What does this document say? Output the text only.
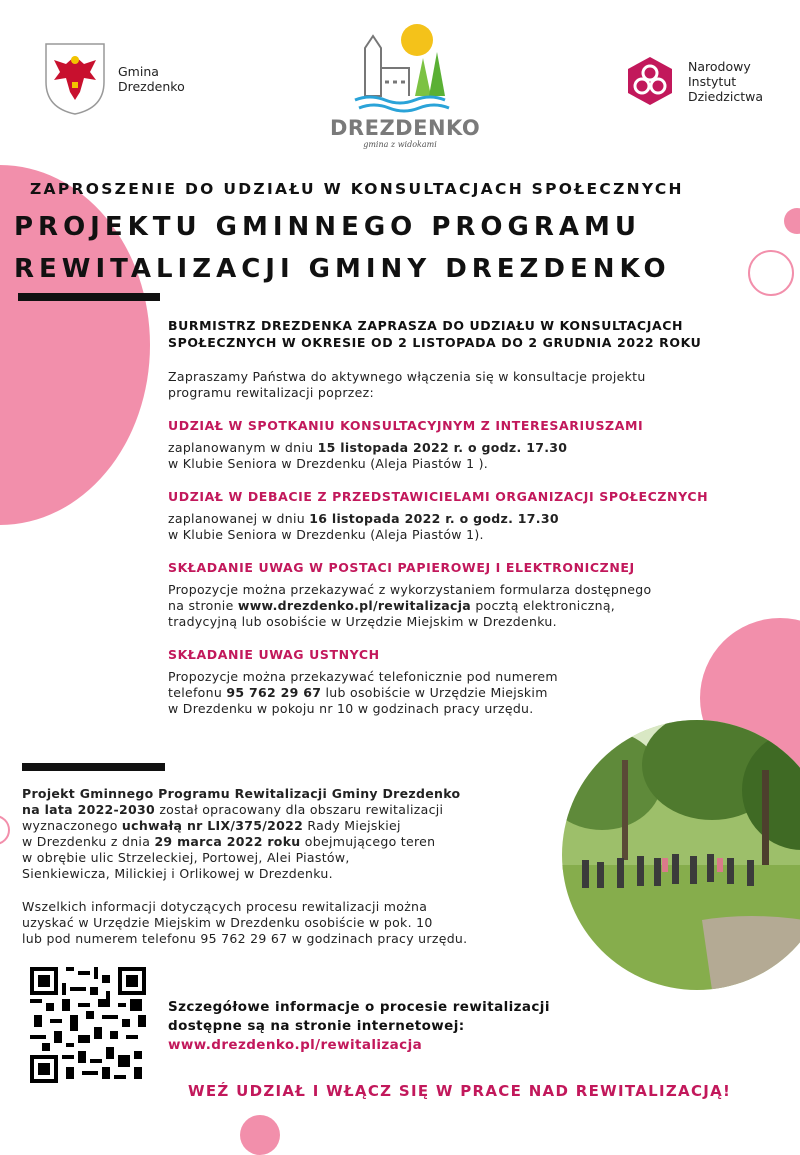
Gmina
Drezdenko
DREZDENKO
gmina z widokami
Narodowy
Instytut
Dziedzictwa
ZAPROSZENIE DO UDZIAŁU W KONSULTACJACH SPOŁECZNYCH
PROJEKTU GMINNEGO PROGRAMU
REWITALIZACJI GMINY DREZDENKO
BURMISTRZ DREZDENKA ZAPRASZA DO UDZIAŁU W KONSULTACJACH
SPOŁECZNYCH W OKRESIE OD 2 LISTOPADA DO 2 GRUDNIA 2022 ROKU
Zapraszamy Państwa do aktywnego włączenia się w konsultacje projektu
programu rewitalizacji poprzez:
UDZIAŁ W SPOTKANIU KONSULTACYJNYM Z INTERESARIUSZAMI
zaplanowanym w dniu 15 listopada 2022 r. o godz. 17.30
w Klubie Seniora w Drezdenku (Aleja Piastów 1 ).
UDZIAŁ W DEBACIE Z PRZEDSTAWICIELAMI ORGANIZACJI SPOŁECZNYCH
zaplanowanej w dniu 16 listopada 2022 r. o godz. 17.30
w Klubie Seniora w Drezdenku (Aleja Piastów 1).
SKŁADANIE UWAG W POSTACI PAPIEROWEJ I ELEKTRONICZNEJ
Propozycje można przekazywać z wykorzystaniem formularza dostępnego
na stronie www.drezdenko.pl/rewitalizacja pocztą elektroniczną,
tradycyjną lub osobiście w Urzędzie Miejskim w Drezdenku.
SKŁADANIE UWAG USTNYCH
Propozycje można przekazywać telefonicznie pod numerem
telefonu 95 762 29 67 lub osobiście w Urzędzie Miejskim
w Drezdenku w pokoju nr 10 w godzinach pracy urzędu.
Projekt Gminnego Programu Rewitalizacji Gminy Drezdenko
na lata 2022-2030 został opracowany dla obszaru rewitalizacji
wyznaczonego uchwałą nr LIX/375/2022 Rady Miejskiej
w Drezdenku z dnia 29 marca 2022 roku obejmującego teren
w obrębie ulic Strzeleckiej, Portowej, Alei Piastów,
Sienkiewicza, Milickiej i Orlikowej w Drezdenku.
Wszelkich informacji dotyczących procesu rewitalizacji można
uzyskać w Urzędzie Miejskim w Drezdenku osobiście w pok. 10
lub pod numerem telefonu 95 762 29 67 w godzinach pracy urzędu.
Szczegółowe informacje o procesie rewitalizacji
dostępne są na stronie internetowej:
www.drezdenko.pl/rewitalizacja
WEŹ UDZIAŁ I WŁĄCZ SIĘ W PRACE NAD REWITALIZACJĄ!
